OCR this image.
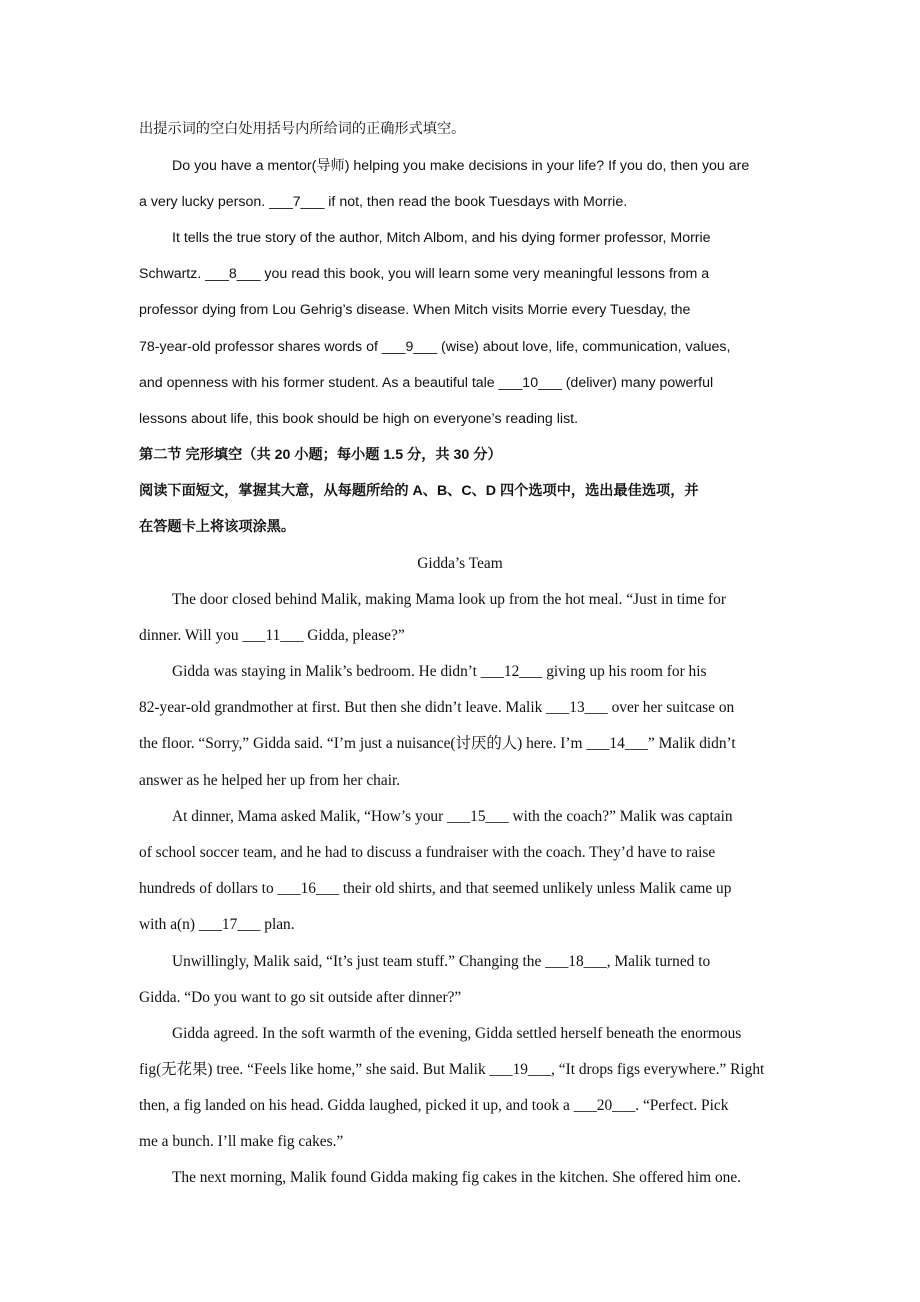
出提示词的空白处用括号内所给词的正确形式填空。
Do you have a mentor(导师) helping you make decisions in your life? If you do, then you are
a very lucky person. ___7___ if not, then read the book Tuesdays with Morrie.
It tells the true story of the author, Mitch Albom, and his dying former professor, Morrie
Schwartz. ___8___ you read this book, you will learn some very meaningful lessons from a
professor dying from Lou Gehrig’s disease. When Mitch visits Morrie every Tuesday, the
78-year-old professor shares words of ___9___ (wise) about love, life, communication, values,
and openness with his former student. As a beautiful tale ___10___ (deliver) many powerful
lessons about life, this book should be high on everyone’s reading list.
第二节 完形填空（共 20 小题；每小题 1.5 分，共 30 分）
阅读下面短文，掌握其大意，从每题所给的 A、B、C、D 四个选项中，选出最佳选项，并
在答题卡上将该项涂黑。
Gidda’s Team
The door closed behind Malik, making Mama look up from the hot meal. “Just in time for
dinner. Will you ___11___ Gidda, please?”
Gidda was staying in Malik’s bedroom. He didn’t ___12___ giving up his room for his
82-year-old grandmother at first. But then she didn’t leave. Malik ___13___ over her suitcase on
the floor. “Sorry,” Gidda said. “I’m just a nuisance(讨厌的人) here. I’m ___14___” Malik didn’t
answer as he helped her up from her chair.
At dinner, Mama asked Malik, “How’s your ___15___ with the coach?” Malik was captain
of school soccer team, and he had to discuss a fundraiser with the coach. They’d have to raise
hundreds of dollars to ___16___ their old shirts, and that seemed unlikely unless Malik came up
with a(n) ___17___ plan.
Unwillingly, Malik said, “It’s just team stuff.” Changing the ___18___, Malik turned to
Gidda. “Do you want to go sit outside after dinner?”
Gidda agreed. In the soft warmth of the evening, Gidda settled herself beneath the enormous
fig(无花果) tree. “Feels like home,” she said. But Malik ___19___, “It drops figs everywhere.” Right
then, a fig landed on his head. Gidda laughed, picked it up, and took a ___20___. “Perfect. Pick
me a bunch. I’ll make fig cakes.”
The next morning, Malik found Gidda making fig cakes in the kitchen. She offered him one.
